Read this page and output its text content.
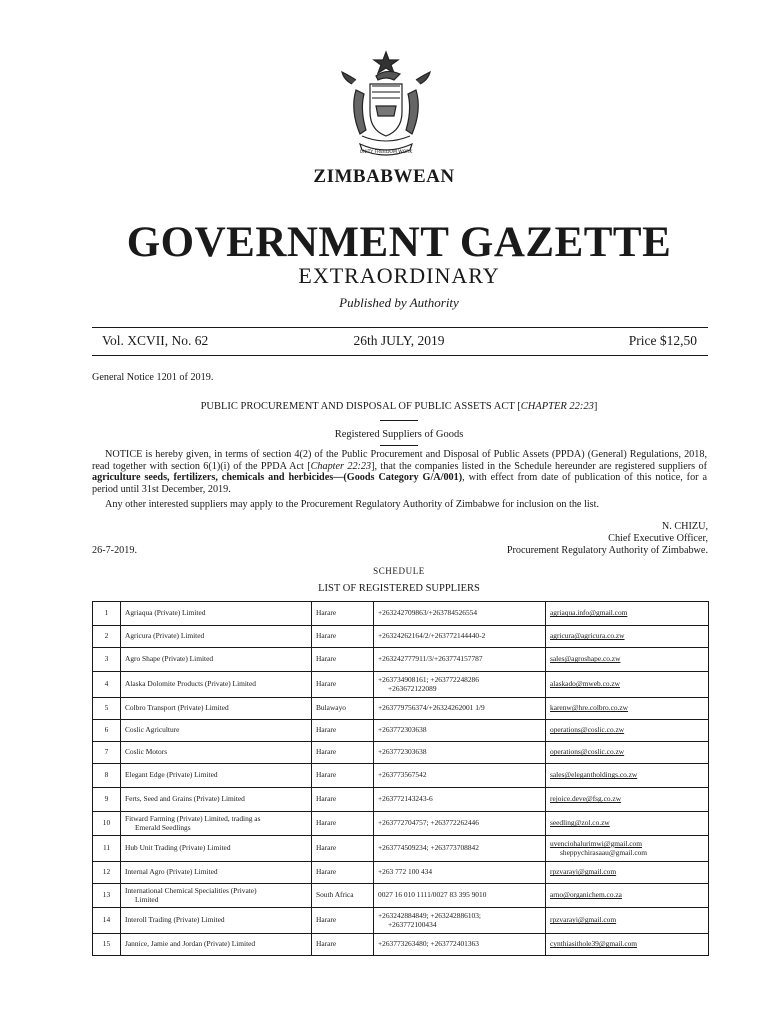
UNITY FREEDOM WORK
ZIMBABWEAN
GOVERNMENT GAZETTE
EXTRAORDINARY
Published by Authority
Vol. XCVII, No. 62	26th JULY, 2019	Price $12,50
General Notice 1201 of 2019.
PUBLIC PROCUREMENT AND DISPOSAL OF PUBLIC ASSETS ACT [CHAPTER 22:23]
Registered Suppliers of Goods

NOTICE is hereby given, in terms of section 4(2) of the Public Procurement and Disposal of Public Assets (PPDA) (General) Regulations, 2018, read together with section 6(1)(i) of the PPDA Act [Chapter 22:23], that the companies listed in the Schedule hereunder are registered suppliers of agriculture seeds, fertilizers, chemicals and herbicides—(Goods Category G/A/001), with effect from date of publication of this notice, for a period until 31st December, 2019.

Any other interested suppliers may apply to the Procurement Regulatory Authority of Zimbabwe for inclusion on the list.
N. CHIZU,
Chief Executive Officer,
Procurement Regulatory Authority of Zimbabwe.
26-7-2019.
SCHEDULE
LIST OF REGISTERED SUPPLIERS
1	Agriaqua (Private) Limited	Harare	+263242709863/+263784526554	agriaqua.info@gmail.com
2	Agricura (Private) Limited	Harare	+26324262164/2/+263772144440-2	agricura@agricura.co.zw
3	Agro Shape (Private) Limited	Harare	+263242777911/3/+263774157787	sales@agroshape.co.zw
4	Alaska Dolomite Products (Private) Limited	Harare	+263734908161; +263772248286
+263672122089	alaskado@mweb.co.zw
5	Colbro Transport (Private) Limited	Bulawayo	+263779756374/+26324262001 1/9	karenw@hre.colbro.co.zw
6	Coslic Agriculture	Harare	+263772303638	operations@coslic.co.zw
7	Coslic Motors	Harare	+263772303638	operations@coslic.co.zw
8	Elegant Edge (Private) Limited	Harare	+263773567542	sales@elegantholdings.co.zw
9	Ferts, Seed and Grains (Private) Limited	Harare	+263772143243-6	rejoice.deve@fsg.co.zw
10	Fitward Farming (Private) Limited, trading as
Emerald Seedlings	Harare	+263772704757; +263772262446	seedling@zol.co.zw
11	Hub Unit Trading (Private) Limited	Harare	+263774509234; +263773708842	uvenciohalurimwi@gmail.com
sheppychirasaau@gmail.com
12	Internal Agro (Private) Limited	Harare	+263 772 100 434	rpzvarayi@gmail.com
13	International Chemical Specialities (Private)
Limited	South Africa	0027 16 010 1111/0027 83 395 9010	arno@organichem.co.za
14	Interoll Trading (Private) Limited	Harare	+263242884849; +263242886103;
+263772100434	rpzvarayi@gmail.com
15	Jannice, Jamie and Jordan (Private) Limited	Harare	+263773263480; +263772401363	cynthiasithole39@gmail.com
